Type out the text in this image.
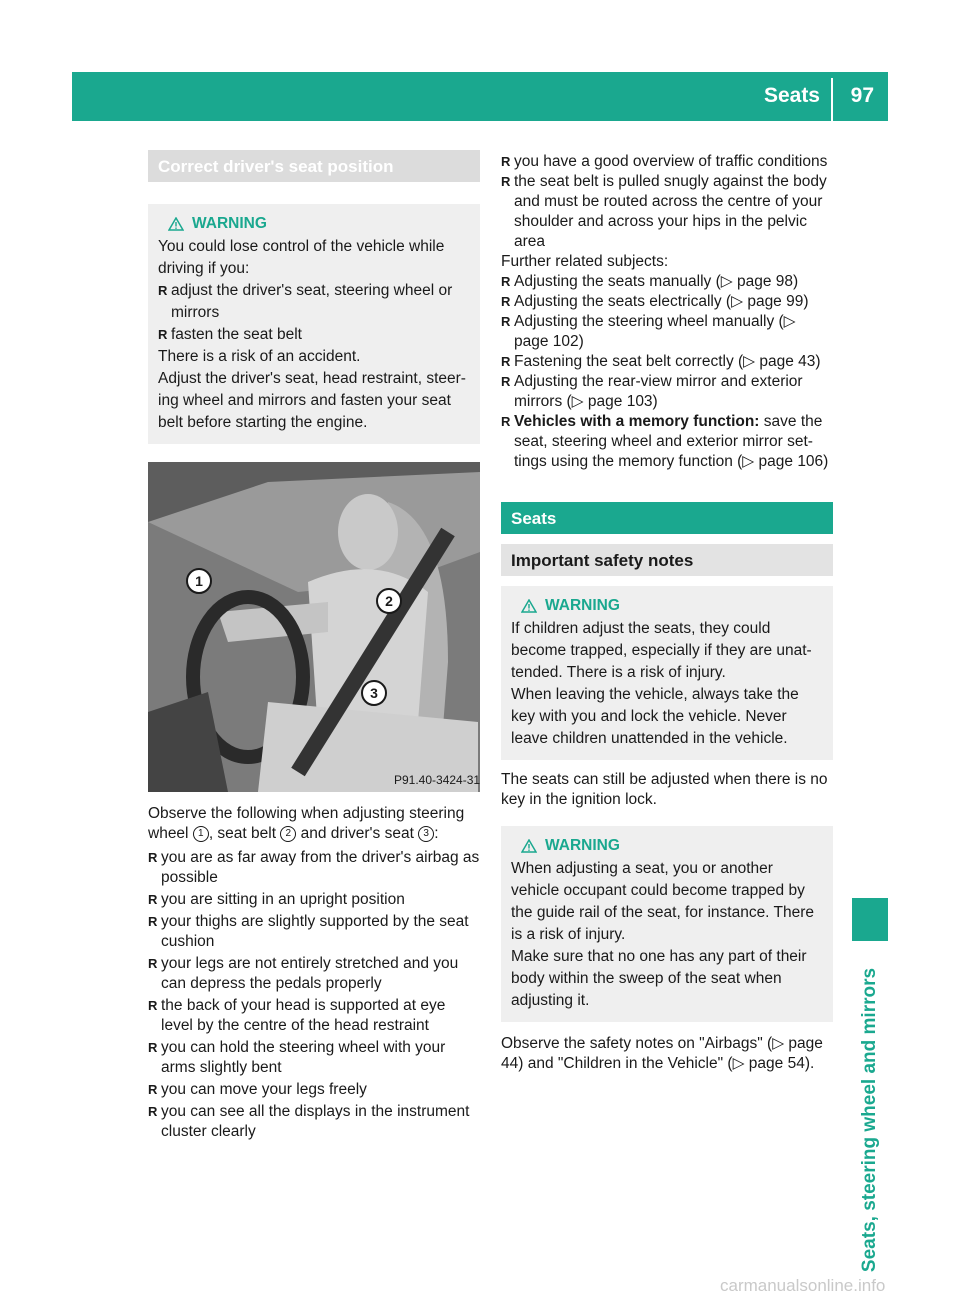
Seats 97
Seats, steering wheel and mirrors
Correct driver's seat position
WARNING

You could lose control of the vehicle while driving if you:

R adjust the driver's seat, steering wheel or mirrors
R fasten the seat belt

There is a risk of an accident.

Adjust the driver's seat, head restraint, steer-ing wheel and mirrors and fasten your seat belt before starting the engine.

P91.40-3424-31
1
2
3

Observe the following when adjusting steering wheel 1 , seat belt 2 and driver's seat 3 :

R you are as far away from the driver's airbag as possible
R you are sitting in an upright position
R your thighs are slightly supported by the seat cushion
R your legs are not entirely stretched and you can depress the pedals properly
R the back of your head is supported at eye level by the centre of the head restraint
R you can hold the steering wheel with your arms slightly bent
R you can move your legs freely
R you can see all the displays in the instrument cluster clearly
R you have a good overview of traffic conditions
R the seat belt is pulled snugly against the body and must be routed across the centre of your shoulder and across your hips in the pelvic area

Further related subjects:

R Adjusting the seats manually (▷ page 98)
R Adjusting the seats electrically (▷ page 99)
R Adjusting the steering wheel manually (▷ page 102)
R Fastening the seat belt correctly (▷ page 43)
R Adjusting the rear-view mirror and exterior mirrors (▷ page 103)
R Vehicles with a memory function: save the seat, steering wheel and exterior mirror set-tings using the memory function (▷ page 106)
Seats
Important safety notes
WARNING

If children adjust the seats, they could become trapped, especially if they are unat-tended. There is a risk of injury.

When leaving the vehicle, always take the key with you and lock the vehicle. Never leave children unattended in the vehicle.

The seats can still be adjusted when there is no key in the ignition lock.

WARNING

When adjusting a seat, you or another vehicle occupant could become trapped by the guide rail of the seat, for instance. There is a risk of injury.

Make sure that no one has any part of their body within the sweep of the seat when adjusting it.

Observe the safety notes on "Airbags" (▷ page 44) and "Children in the Vehicle" (▷ page 54).

carmanualsonline.info
